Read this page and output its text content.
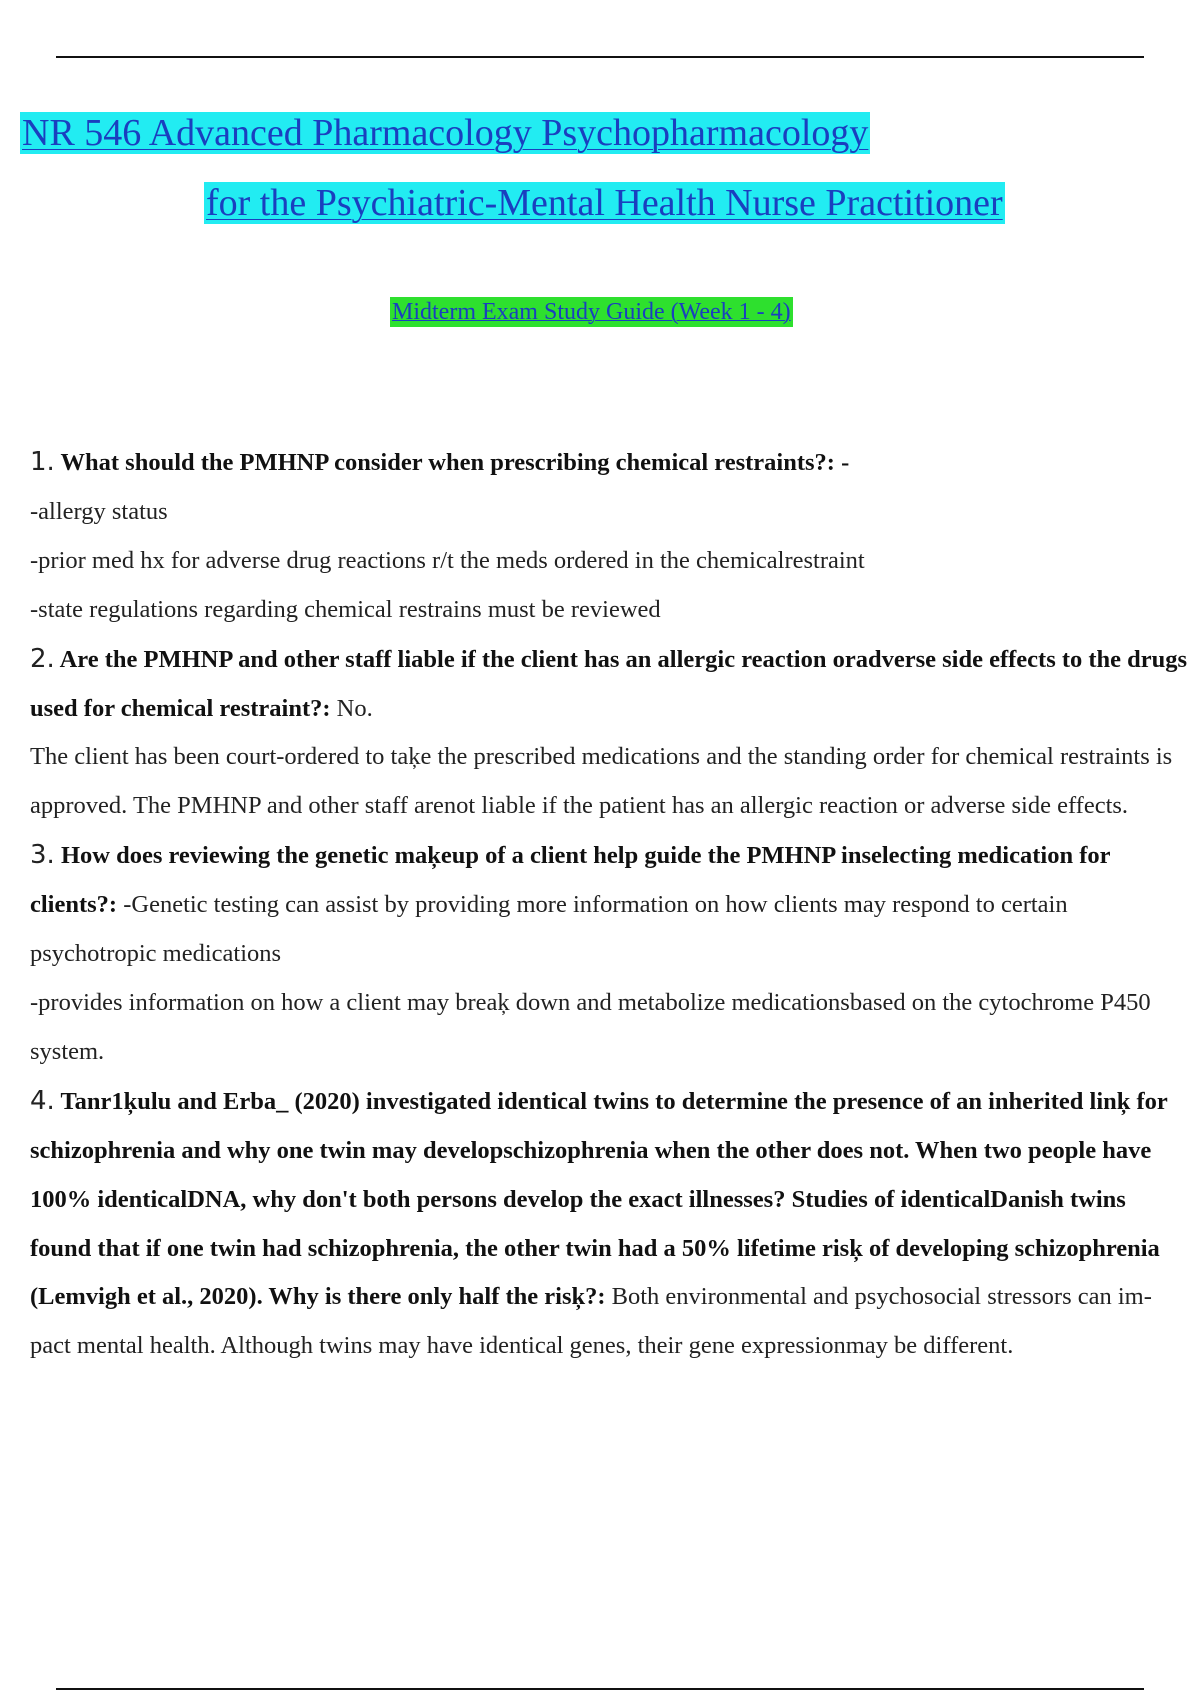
NR 546 Advanced Pharmacology Psychopharmacology
for the Psychiatric-Mental Health Nurse Practitioner
Midterm Exam Study Guide (Week 1 - 4)

1. What should the PMHNP consider when prescribing chemical restraints?: -

-allergy status

-prior med hx for adverse drug reactions r/t the meds ordered in the chemicalrestraint

-state regulations regarding chemical restrains must be reviewed

2. Are the PMHNP and other staff liable if the client has an allergic reaction oradverse side effects to the drugs used for chemical restraint?: No.

The client has been court-ordered to taķe the prescribed medications and the standing order for chemical restraints is approved. The PMHNP and other staff arenot liable if the patient has an allergic reaction or adverse side effects.

3. How does reviewing the genetic maķeup of a client help guide the PMHNP inselecting medication for clients?: -Genetic testing can assist by providing more information on how clients may respond to certain psychotropic medications

-provides information on how a client may breaķ down and metabolize medicationsbased on the cytochrome P450 system.

4. Tanr1ķulu and Erba_ (2020) investigated identical twins to determine the presence of an inherited linķ for schizophrenia and why one twin may developschizophrenia when the other does not. When two people have 100% identicalDNA, why don't both persons develop the exact illnesses? Studies of identicalDanish twins found that if one twin had schizophrenia, the other twin had a 50% lifetime risķ of developing schizophrenia (Lemvigh et al., 2020). Why is there only half the risķ?: Both environmental and psychosocial stressors can im-pact mental health. Although twins may have identical genes, their gene expressionmay be different.
